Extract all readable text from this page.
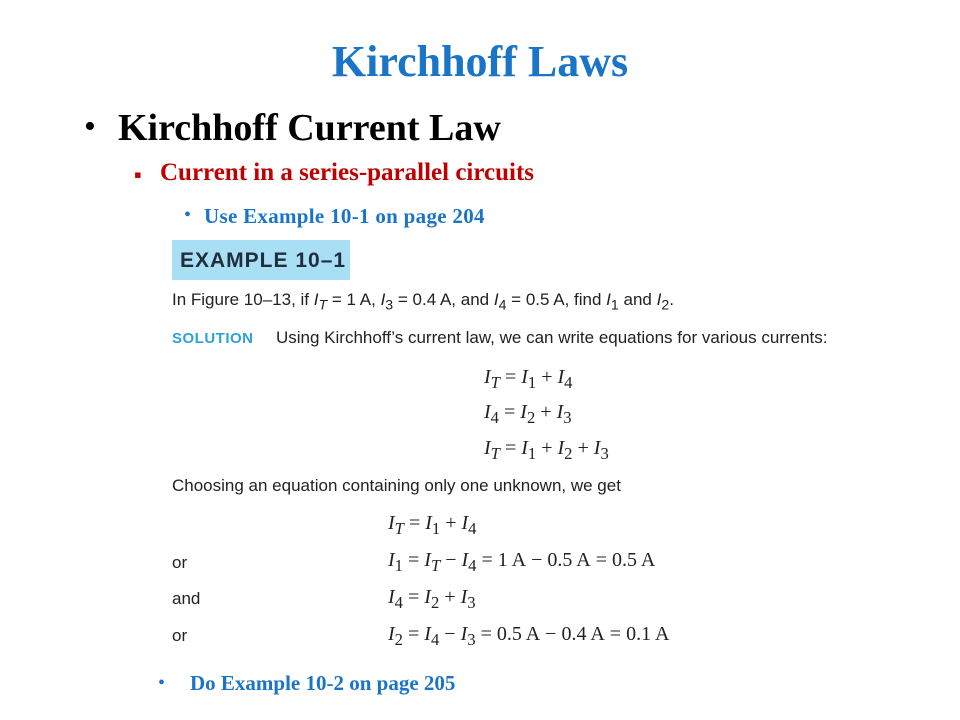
Kirchhoff Laws
• Kirchhoff Current Law
▪ Current in a series-parallel circuits
• Use Example 10-1 on page 204
EXAMPLE 10–1
In Figure 10–13, if $I_T = 1$ A, $I_3 = 0.4$ A, and $I_4 = 0.5$ A, find $I_1$ and $I_2$.
SOLUTION Using Kirchhoff’s current law, we can write equations for various currents:
$I_T = I_1 + I_4$
$I_4 = I_2 + I_3$
$I_T = I_1 + I_2 + I_3$
Choosing an equation containing only one unknown, we get
$I_T = I_1 + I_4$
or	$I_1 = I_T - I_4 = 1$ A − 0.5 A = 0.5 A
and	$I_4 = I_2 + I_3$
or	$I_2 = I_4 - I_3 = 0.5$ A − 0.4 A = 0.1 A
• Do Example 10-2 on page 205
